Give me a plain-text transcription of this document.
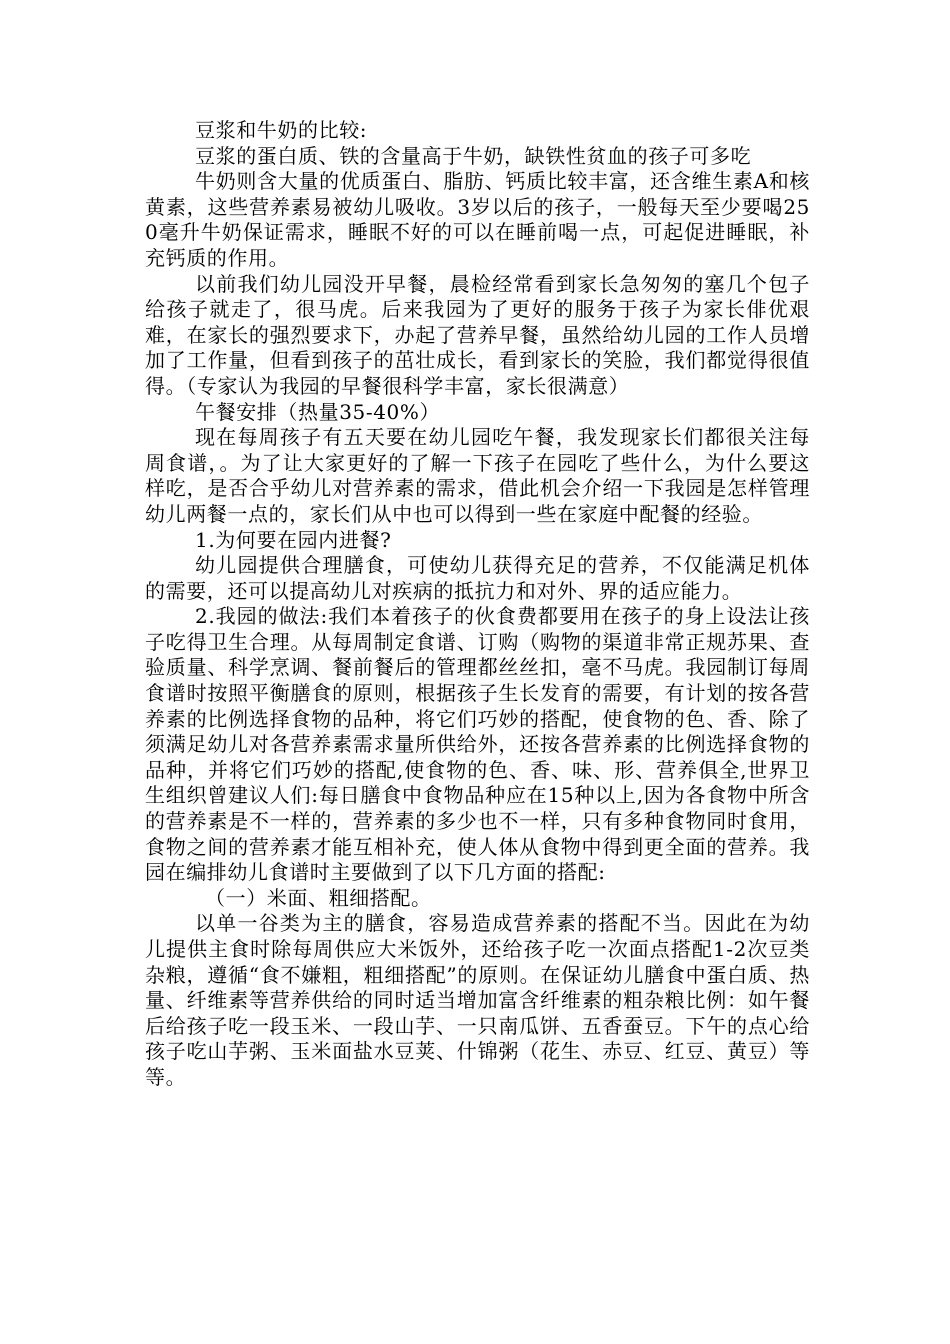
豆浆和牛奶的比较:

豆浆的蛋白质、铁的含量高于牛奶，缺铁性贫血的孩子可多吃

牛奶则含大量的优质蛋白、脂肪、钙质比较丰富，还含维生素A和核黄素，这些营养素易被幼儿吸收。3岁以后的孩子，一般每天至少要喝250毫升牛奶保证需求，睡眠不好的可以在睡前喝一点，可起促进睡眠，补充钙质的作用。

以前我们幼儿园没开早餐，晨检经常看到家长急匆匆的塞几个包子给孩子就走了，很马虎。后来我园为了更好的服务于孩子为家长俳优艰难，在家长的强烈要求下，办起了营养早餐，虽然给幼儿园的工作人员增加了工作量，但看到孩子的茁壮成长，看到家长的笑脸，我们都觉得很值得。（专家认为我园的早餐很科学丰富，家长很满意）

午餐安排（热量35-40%）

现在每周孩子有五天要在幼儿园吃午餐，我发现家长们都很关注每周食谱，。为了让大家更好的了解一下孩子在园吃了些什么，为什么要这样吃，是否合乎幼儿对营养素的需求，借此机会介绍一下我园是怎样管理幼儿两餐一点的，家长们从中也可以得到一些在家庭中配餐的经验。

1.为何要在园内进餐?

幼儿园提供合理膳食，可使幼儿获得充足的营养，不仅能满足机体的需要，还可以提高幼儿对疾病的抵抗力和对外、界的适应能力。

2.我园的做法:我们本着孩子的伙食费都要用在孩子的身上设法让孩子吃得卫生合理。从每周制定食谱、订购（购物的渠道非常正规苏果、查验质量、科学烹调、餐前餐后的管理都丝丝扣，毫不马虎。我园制订每周食谱时按照平衡膳食的原则，根据孩子生长发育的需要，有计划的按各营养素的比例选择食物的品种，将它们巧妙的搭配，使食物的色、香、除了须满足幼儿对各营养素需求量所供给外，还按各营养素的比例选择食物的品种，并将它们巧妙的搭配,使食物的色、香、味、形、营养俱全,世界卫生组织曾建议人们:每日膳食中食物品种应在15种以上,因为各食物中所含的营养素是不一样的，营养素的多少也不一样，只有多种食物同时食用，食物之间的营养素才能互相补充，使人体从食物中得到更全面的营养。我园在编排幼儿食谱时主要做到了以下几方面的搭配:

（一）米面、粗细搭配。

以单一谷类为主的膳食，容易造成营养素的搭配不当。因此在为幼儿提供主食时除每周供应大米饭外，还给孩子吃一次面点搭配1-2次豆类杂粮，遵循“食不嫌粗，粗细搭配”的原则。在保证幼儿膳食中蛋白质、热量、纤维素等营养供给的同时适当增加富含纤维素的粗杂粮比例：如午餐后给孩子吃一段玉米、一段山芋、一只南瓜饼、五香蚕豆。下午的点心给孩子吃山芋粥、玉米面盐水豆荚、什锦粥（花生、赤豆、红豆、黄豆）等等。
